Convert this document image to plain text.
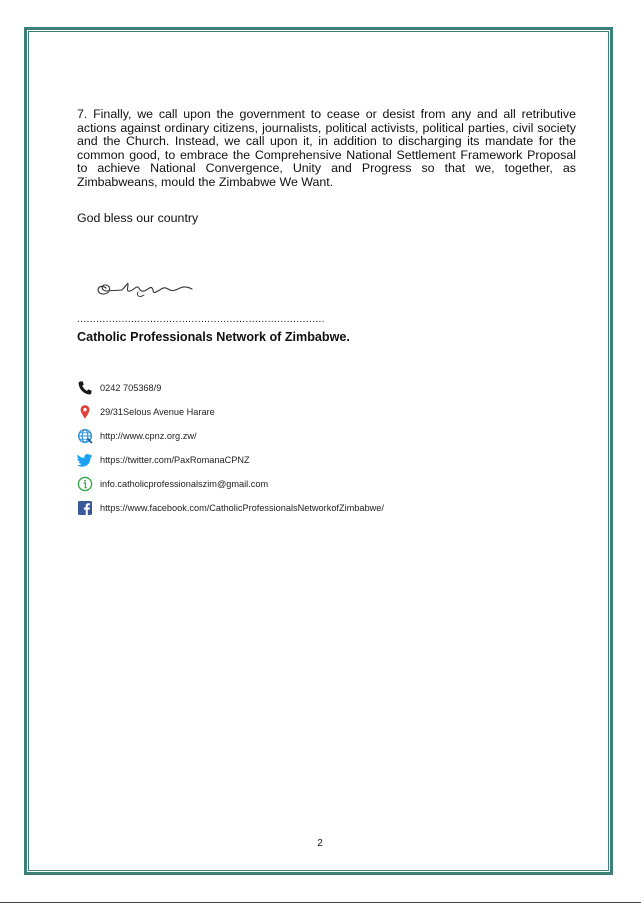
7. Finally, we call upon the government to cease or desist from any and all retributive actions against ordinary citizens, journalists, political activists, political parties, civil society and the Church. Instead, we call upon it, in addition to discharging its mandate for the common good, to embrace the Comprehensive National Settlement Framework Proposal to achieve National Convergence, Unity and Progress so that we, together, as Zimbabweans, mould the Zimbabwe We Want.

God bless our country

..............................................................................

Catholic Professionals Network of Zimbabwe.

0242 705368/9
29/31Selous Avenue Harare
http://www.cpnz.org.zw/
https://twitter.com/PaxRomanaCPNZ
info.catholicprofessionalszim@gmail.com
https://www.facebook.com/CatholicProfessionalsNetworkofZimbabwe/

2
